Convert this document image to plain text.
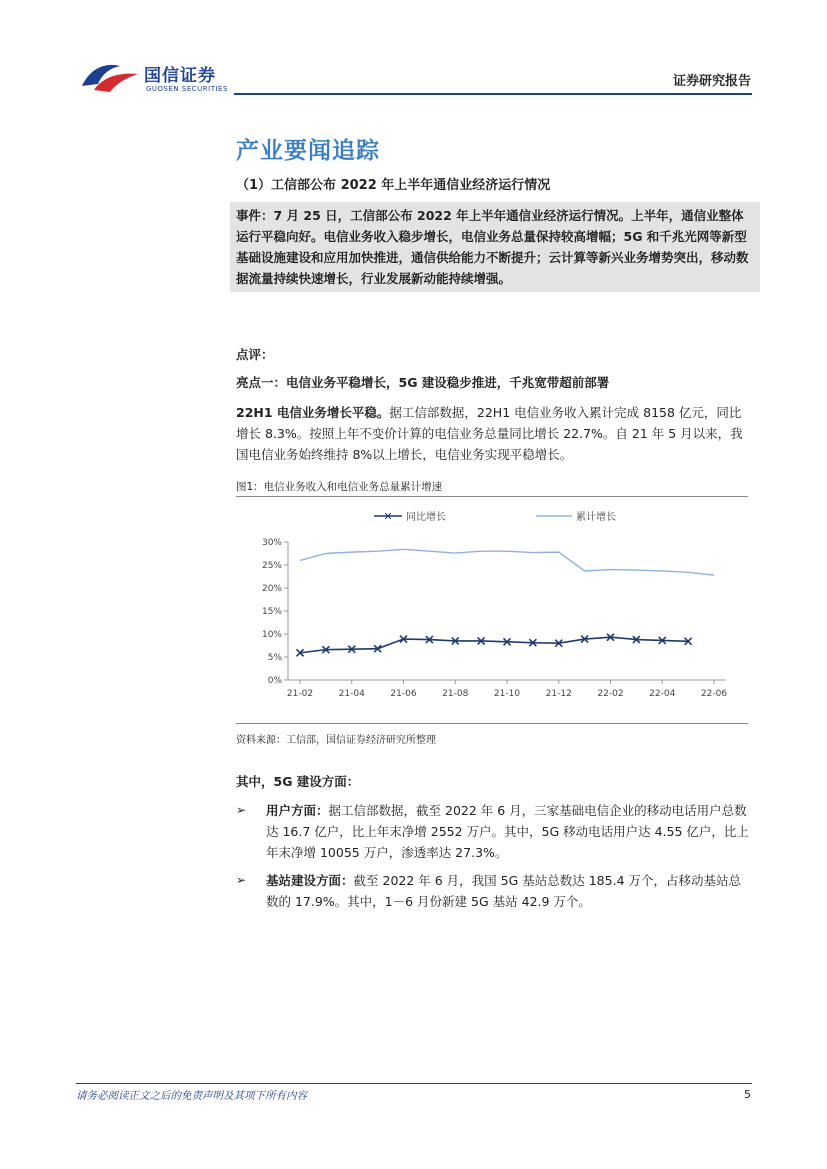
国信证券
GUOSEN SECURITIES	证券研究报告
产业要闻追踪
（1）工信部公布 2022 年上半年通信业经济运行情况
事件：7 月 25 日，工信部公布 2022 年上半年通信业经济运行情况。上半年，通信业整体运行平稳向好。电信业务收入稳步增长，电信业务总量保持较高增幅；5G 和千兆光网等新型基础设施建设和应用加快推进，通信供给能力不断提升；云计算等新兴业务增势突出，移动数据流量持续快速增长，行业发展新动能持续增强。
点评：
亮点一：电信业务平稳增长，5G 建设稳步推进，千兆宽带超前部署
22H1 电信业务增长平稳。据工信部数据，22H1 电信业务收入累计完成 8158 亿元，同比增长 8.3%。按照上年不变价计算的电信业务总量同比增长 22.7%。自 21 年 5 月以来，我国电信业务始终维持 8%以上增长，电信业务实现平稳增长。
图1：电信业务收入和电信业务总量累计增速
✕ 同比增长	累计增长
30%
25%
20%
15%
10%
5%
0%
21-02	21-04	21-06	21-08	21-10	21-12	22-02	22-04	22-06
资料来源：工信部，国信证券经济研究所整理
其中，5G 建设方面：
➢ 用户方面：据工信部数据，截至 2022 年 6 月，三家基础电信企业的移动电话用户总数达 16.7 亿户，比上年末净增 2552 万户。其中，5G 移动电话用户达 4.55 亿户，比上年末净增 10055 万户，渗透率达 27.3%。
➢ 基站建设方面：截至 2022 年 6 月，我国 5G 基站总数达 185.4 万个，占移动基站总数的 17.9%。其中，1－6 月份新建 5G 基站 42.9 万个。
请务必阅读正文之后的免责声明及其项下所有内容	5
